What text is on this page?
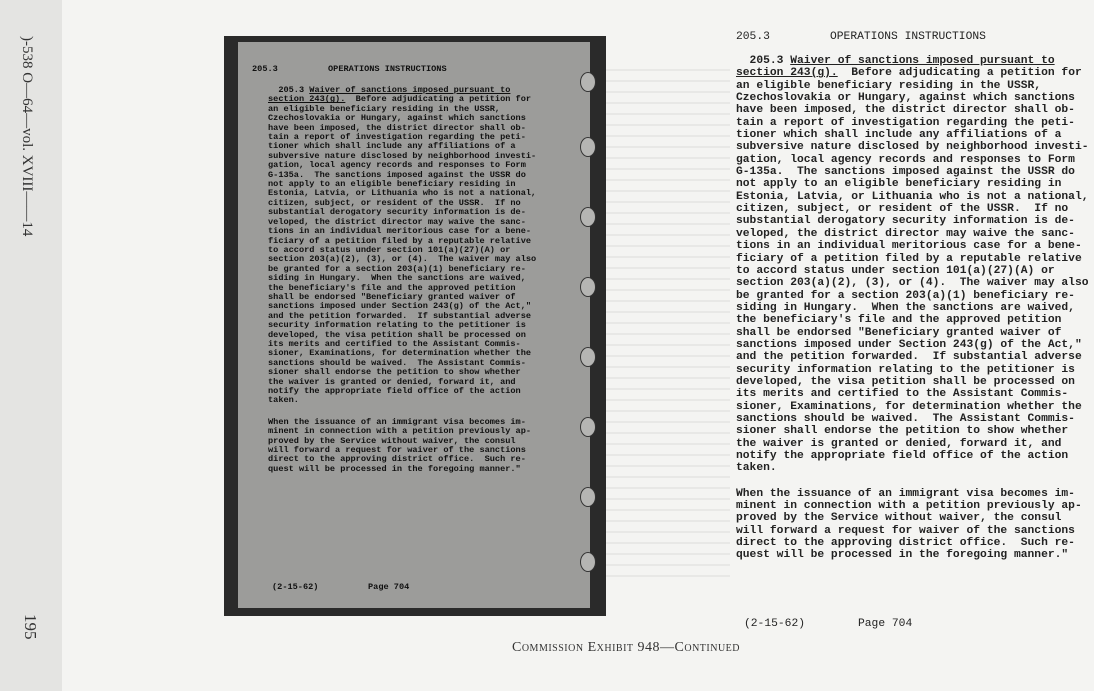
)-538 O—64—vol. XVIII——14
195
205.3	OPERATIONS INSTRUCTIONS
205.3 Waiver of sanctions imposed pursuant to
section 243(g).  Before adjudicating a petition for
an eligible beneficiary residing in the USSR,
Czechoslovakia or Hungary, against which sanctions
have been imposed, the district director shall ob-
tain a report of investigation regarding the peti-
tioner which shall include any affiliations of a
subversive nature disclosed by neighborhood investi-
gation, local agency records and responses to Form
G-135a.  The sanctions imposed against the USSR do
not apply to an eligible beneficiary residing in
Estonia, Latvia, or Lithuania who is not a national,
citizen, subject, or resident of the USSR.  If no
substantial derogatory security information is de-
veloped, the district director may waive the sanc-
tions in an individual meritorious case for a bene-
ficiary of a petition filed by a reputable relative
to accord status under section 101(a)(27)(A) or
section 203(a)(2), (3), or (4).  The waiver may also
be granted for a section 203(a)(1) beneficiary re-
siding in Hungary.  When the sanctions are waived,
the beneficiary's file and the approved petition
shall be endorsed "Beneficiary granted waiver of
sanctions imposed under Section 243(g) of the Act,"
and the petition forwarded.  If substantial adverse
security information relating to the petitioner is
developed, the visa petition shall be processed on
its merits and certified to the Assistant Commis-
sioner, Examinations, for determination whether the
sanctions should be waived.  The Assistant Commis-
sioner shall endorse the petition to show whether
the waiver is granted or denied, forward it, and
notify the appropriate field office of the action
taken.
When the issuance of an immigrant visa becomes im-
minent in connection with a petition previously ap-
proved by the Service without waiver, the consul
will forward a request for waiver of the sanctions
direct to the approving district office.  Such re-
quest will be processed in the foregoing manner."
(2-15-62)	Page 704
205.3	OPERATIONS INSTRUCTIONS
205.3 Waiver of sanctions imposed pursuant to
section 243(g).  Before adjudicating a petition for
an eligible beneficiary residing in the USSR,
Czechoslovakia or Hungary, against which sanctions
have been imposed, the district director shall ob-
tain a report of investigation regarding the peti-
tioner which shall include any affiliations of a
subversive nature disclosed by neighborhood investi-
gation, local agency records and responses to Form
G-135a.  The sanctions imposed against the USSR do
not apply to an eligible beneficiary residing in
Estonia, Latvia, or Lithuania who is not a national,
citizen, subject, or resident of the USSR.  If no
substantial derogatory security information is de-
veloped, the district director may waive the sanc-
tions in an individual meritorious case for a bene-
ficiary of a petition filed by a reputable relative
to accord status under section 101(a)(27)(A) or
section 203(a)(2), (3), or (4).  The waiver may also
be granted for a section 203(a)(1) beneficiary re-
siding in Hungary.  When the sanctions are waived,
the beneficiary's file and the approved petition
shall be endorsed "Beneficiary granted waiver of
sanctions imposed under Section 243(g) of the Act,"
and the petition forwarded.  If substantial adverse
security information relating to the petitioner is
developed, the visa petition shall be processed on
its merits and certified to the Assistant Commis-
sioner, Examinations, for determination whether the
sanctions should be waived.  The Assistant Commis-
sioner shall endorse the petition to show whether
the waiver is granted or denied, forward it, and
notify the appropriate field office of the action
taken.
When the issuance of an immigrant visa becomes im-
minent in connection with a petition previously ap-
proved by the Service without waiver, the consul
will forward a request for waiver of the sanctions
direct to the approving district office.  Such re-
quest will be processed in the foregoing manner."
(2-15-62)	Page 704
Commission Exhibit 948—Continued
